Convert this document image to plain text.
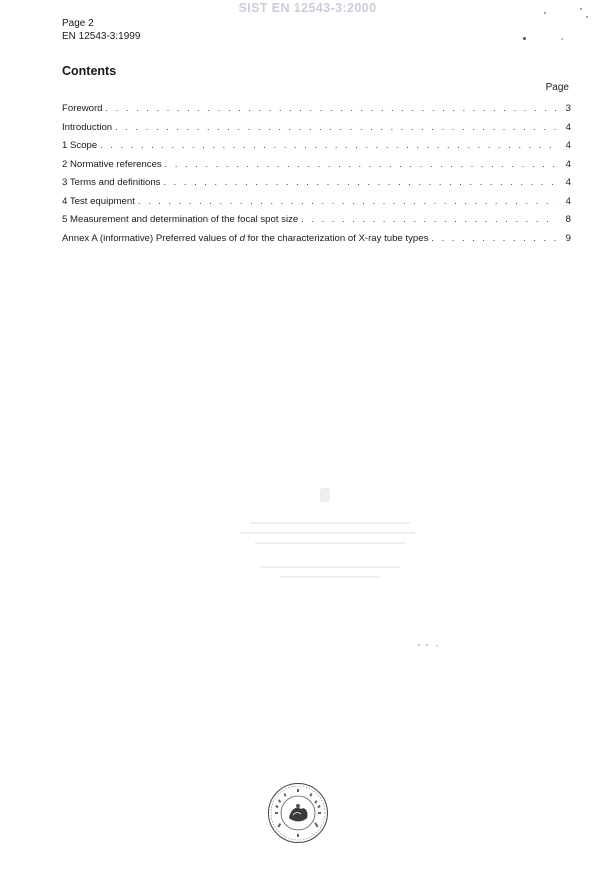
SIST EN 12543-3:2000
Page 2
EN 12543-3:1999
Contents
Page
Foreword . . .	3
Introduction . . .	4
1 Scope . . .	4
2 Normative references . . .	4
3 Terms and definitions . . .	4
4 Test equipment . . .	4
5 Measurement and determination of the focal spot size . . .	8
Annex A (informative) Preferred values of d for the characterization of X-ray tube types . . .	9
